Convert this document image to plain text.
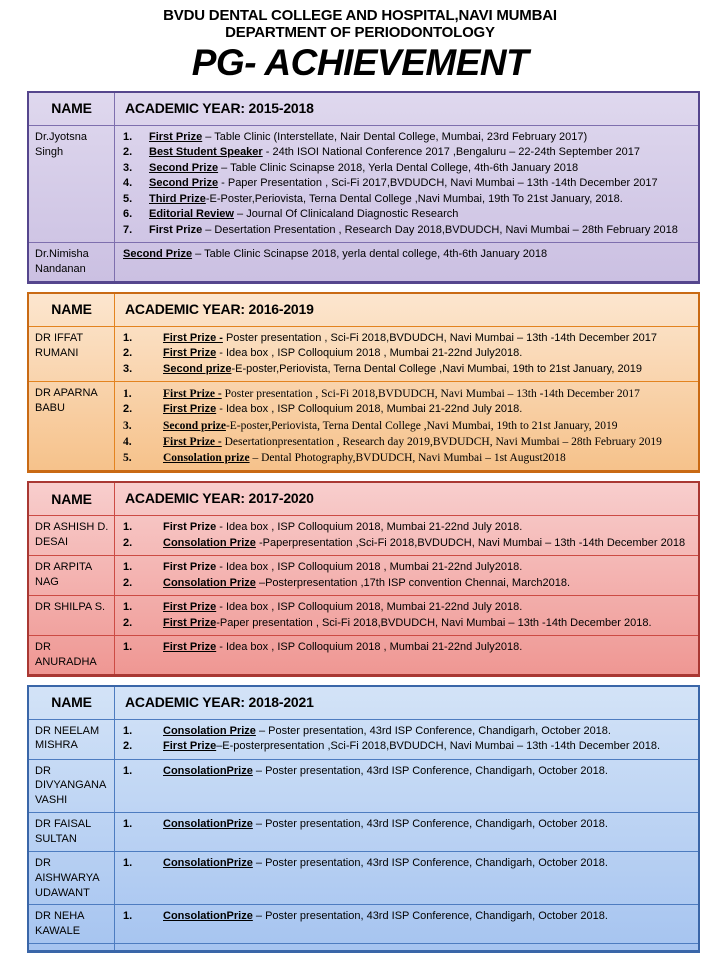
BVDU DENTAL COLLEGE AND HOSPITAL,NAVI MUMBAI
DEPARTMENT OF PERIODONTOLOGY
PG- ACHIEVEMENT
NAME	ACADEMIC YEAR: 2015-2018
Dr.Jyotsna Singh
1.	First Prize – Table Clinic (Interstellate, Nair Dental College, Mumbai, 23rd February 2017)
2.	Best Student Speaker - 24th ISOI National Conference 2017 ,Bengaluru – 22-24th September 2017
3.	Second Prize – Table Clinic Scinapse 2018, Yerla Dental College, 4th-6th January 2018
4.	Second Prize - Paper Presentation , Sci-Fi 2017,BVDUDCH, Navi Mumbai – 13th -14th December 2017
5.	Third Prize-E-Poster,Periovista, Terna Dental College ,Navi Mumbai, 19th To 21st January, 2018.
6.	Editorial Review – Journal Of Clinicaland Diagnostic Research
7.	First Prize – Desertation Presentation , Research Day 2018,BVDUDCH, Navi Mumbai – 28th February 2018
Dr.Nimisha Nandanan
Second Prize – Table Clinic Scinapse 2018, yerla dental college, 4th-6th January 2018
NAME	ACADEMIC YEAR: 2016-2019
DR IFFAT RUMANI
1.	First Prize - Poster presentation , Sci-Fi 2018,BVDUDCH, Navi Mumbai – 13th -14th December 2017
2.	First Prize - Idea box , ISP Colloquium 2018 , Mumbai 21-22nd July2018.
3.	Second prize-E-poster,Periovista, Terna Dental College ,Navi Mumbai, 19th to 21st January, 2019
DR APARNA BABU
1.	First Prize - Poster presentation , Sci-Fi 2018,BVDUDCH, Navi Mumbai – 13th -14th December 2017
2.	First Prize - Idea box , ISP Colloquium 2018, Mumbai 21-22nd July 2018.
3.	Second prize-E-poster,Periovista, Terna Dental College ,Navi Mumbai, 19th to 21st January, 2019
4.	First Prize - Desertationpresentation , Research day 2019,BVDUDCH, Navi Mumbai – 28th February 2019
5.	Consolation prize – Dental Photography,BVDUDCH, Navi Mumbai – 1st August2018
NAME	ACADEMIC YEAR: 2017-2020
DR ASHISH D. DESAI
1.	First Prize - Idea box , ISP Colloquium 2018, Mumbai 21-22nd July 2018.
2.	Consolation Prize -Paperpresentation ,Sci-Fi 2018,BVDUDCH, Navi Mumbai – 13th -14th December 2018
DR ARPITA NAG
1.	First Prize - Idea box , ISP Colloquium 2018 , Mumbai 21-22nd July2018.
2.	Consolation Prize –Posterpresentation ,17th ISP convention Chennai, March2018.
DR SHILPA S.	1.	First Prize - Idea box , ISP Colloquium 2018, Mumbai 21-22nd July 2018.
2.	First Prize-Paper presentation , Sci-Fi 2018,BVDUDCH, Navi Mumbai – 13th -14th December 2018.
DR ANURADHA
1.	First Prize - Idea box , ISP Colloquium 2018 , Mumbai 21-22nd July2018.
NAME	ACADEMIC YEAR: 2018-2021
DR NEELAM MISHRA
1.	Consolation Prize – Poster presentation, 43rd ISP Conference, Chandigarh, October 2018.
2.	First Prize–E-posterpresentation ,Sci-Fi 2018,BVDUDCH, Navi Mumbai – 13th -14th December 2018.
DR DIVYANGANA VASHI
1.	ConsolationPrize – Poster presentation, 43rd ISP Conference, Chandigarh, October 2018.
DR FAISAL SULTAN
1.	ConsolationPrize – Poster presentation, 43rd ISP Conference, Chandigarh, October 2018.
DR AISHWARYA UDAWANT
1.	ConsolationPrize – Poster presentation, 43rd ISP Conference, Chandigarh, October 2018.
DR NEHA KAWALE
1.	ConsolationPrize – Poster presentation, 43rd ISP Conference, Chandigarh, October 2018.
